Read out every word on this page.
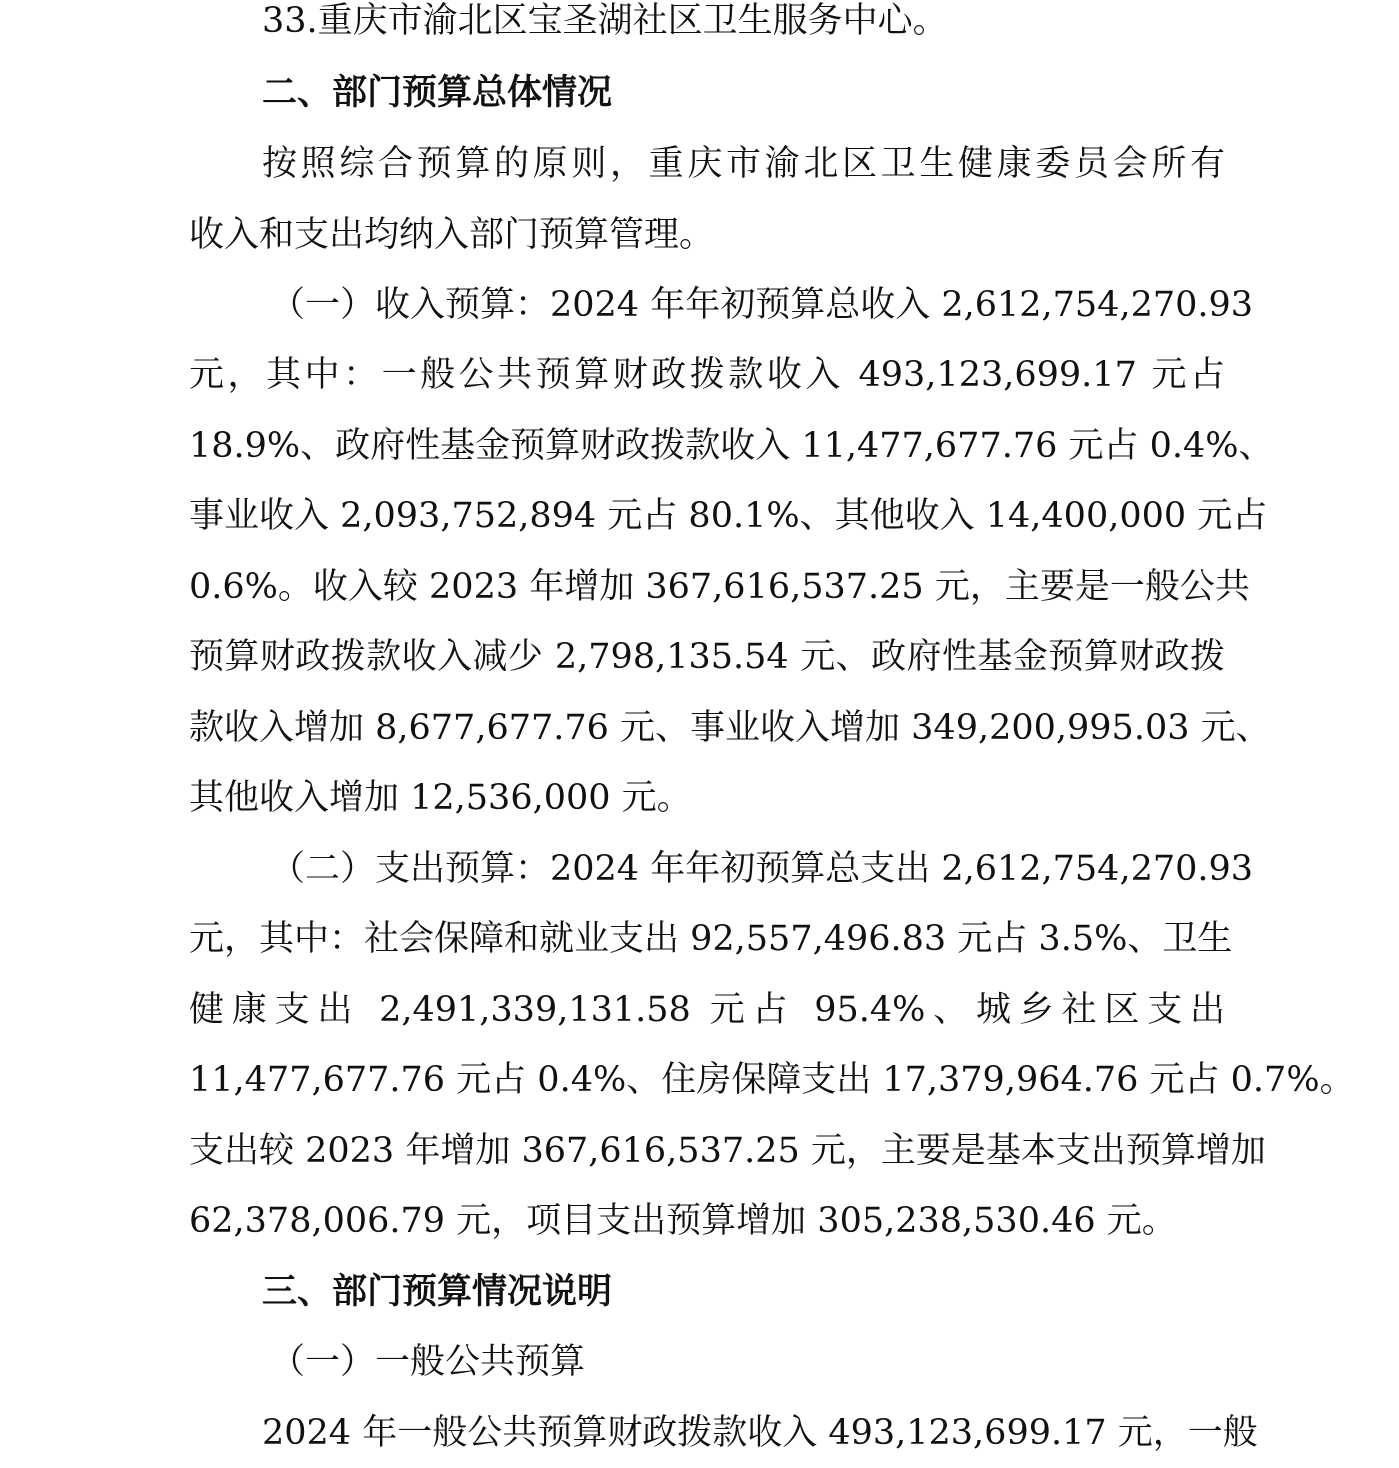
33.重庆市渝北区宝圣湖社区卫生服务中心。
二、部门预算总体情况
按照综合预算的原则，重庆市渝北区卫生健康委员会所有
收入和支出均纳入部门预算管理。
（一）收入预算：2024 年年初预算总收入 2,612,754,270.93
元，其中：一般公共预算财政拨款收入 493,123,699.17 元占
18.9%、政府性基金预算财政拨款收入 11,477,677.76 元占 0.4%、
事业收入 2,093,752,894 元占 80.1%、其他收入 14,400,000 元占
0.6%。收入较 2023 年增加 367,616,537.25 元，主要是一般公共
预算财政拨款收入减少 2,798,135.54 元、政府性基金预算财政拨
款收入增加 8,677,677.76 元、事业收入增加 349,200,995.03 元、
其他收入增加 12,536,000 元。
（二）支出预算：2024 年年初预算总支出 2,612,754,270.93
元，其中：社会保障和就业支出 92,557,496.83 元占 3.5%、卫生
健康支出 2,491,339,131.58 元占 95.4%、城乡社区支出
11,477,677.76 元占 0.4%、住房保障支出 17,379,964.76 元占 0.7%。
支出较 2023 年增加 367,616,537.25 元，主要是基本支出预算增加
62,378,006.79 元，项目支出预算增加 305,238,530.46 元。
三、部门预算情况说明
（一）一般公共预算
2024 年一般公共预算财政拨款收入 493,123,699.17 元，一般
